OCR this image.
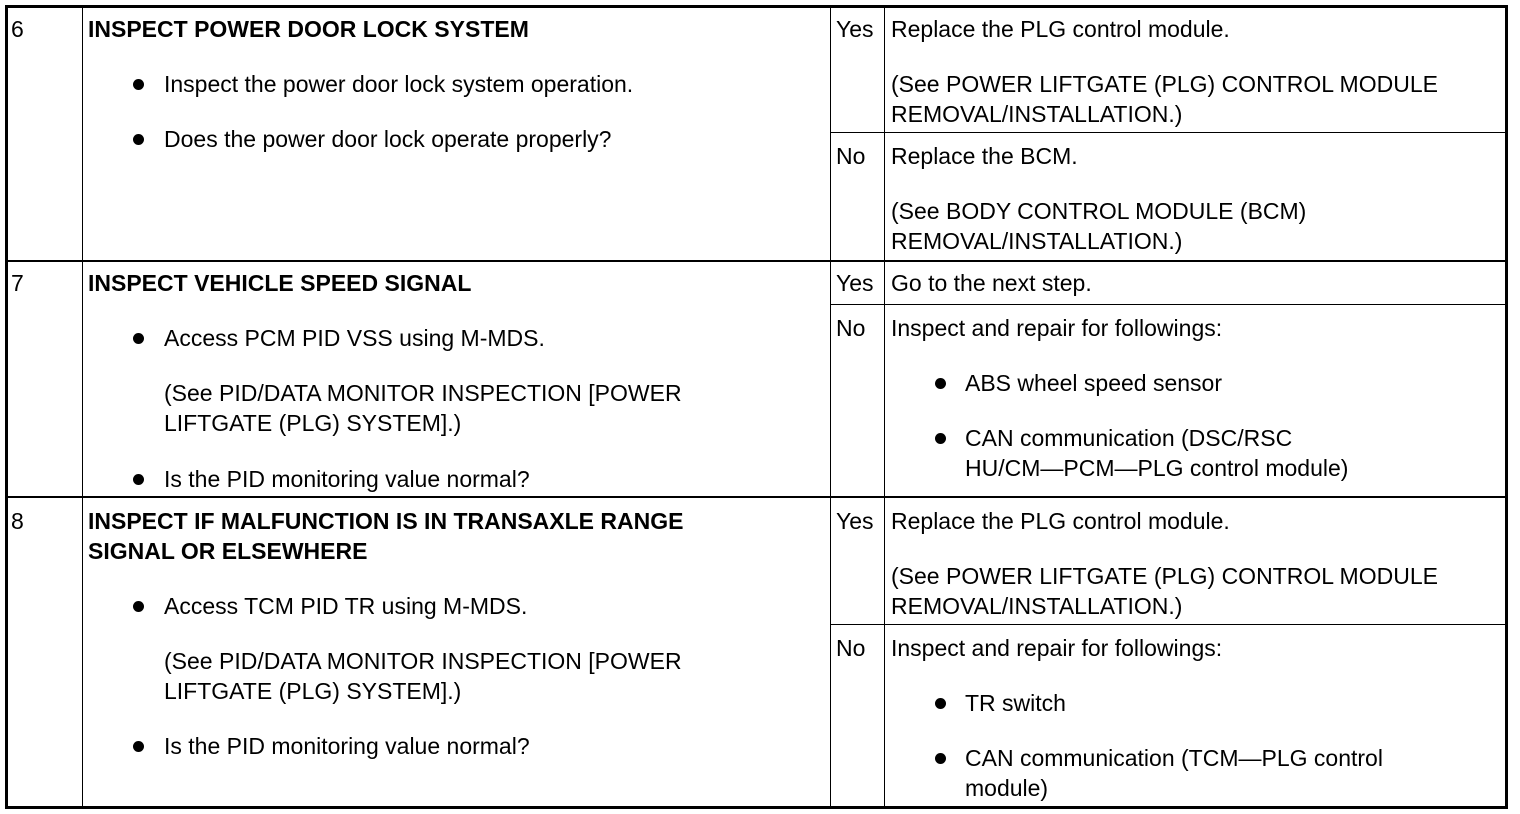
6	INSPECT POWER DOOR LOCK SYSTEM
Inspect the power door lock system operation.
Does the power door lock operate properly?
Yes Replace the PLG control module.
(See POWER LIFTGATE (PLG) CONTROL MODULE
REMOVAL/INSTALLATION.)
No Replace the BCM.
(See BODY CONTROL MODULE (BCM)
REMOVAL/INSTALLATION.)
7	INSPECT VEHICLE SPEED SIGNAL
Access PCM PID VSS using M-MDS.
(See PID/DATA MONITOR INSPECTION [POWER
LIFTGATE (PLG) SYSTEM].)
Is the PID monitoring value normal?
Yes Go to the next step.
No Inspect and repair for followings:
ABS wheel speed sensor
CAN communication (DSC/RSC
HU/CM—PCM—PLG control module)
8	INSPECT IF MALFUNCTION IS IN TRANSAXLE RANGE
SIGNAL OR ELSEWHERE
Access TCM PID TR using M-MDS.
(See PID/DATA MONITOR INSPECTION [POWER
LIFTGATE (PLG) SYSTEM].)
Is the PID monitoring value normal?
Yes Replace the PLG control module.
(See POWER LIFTGATE (PLG) CONTROL MODULE
REMOVAL/INSTALLATION.)
No Inspect and repair for followings:
TR switch
CAN communication (TCM—PLG control
module)
